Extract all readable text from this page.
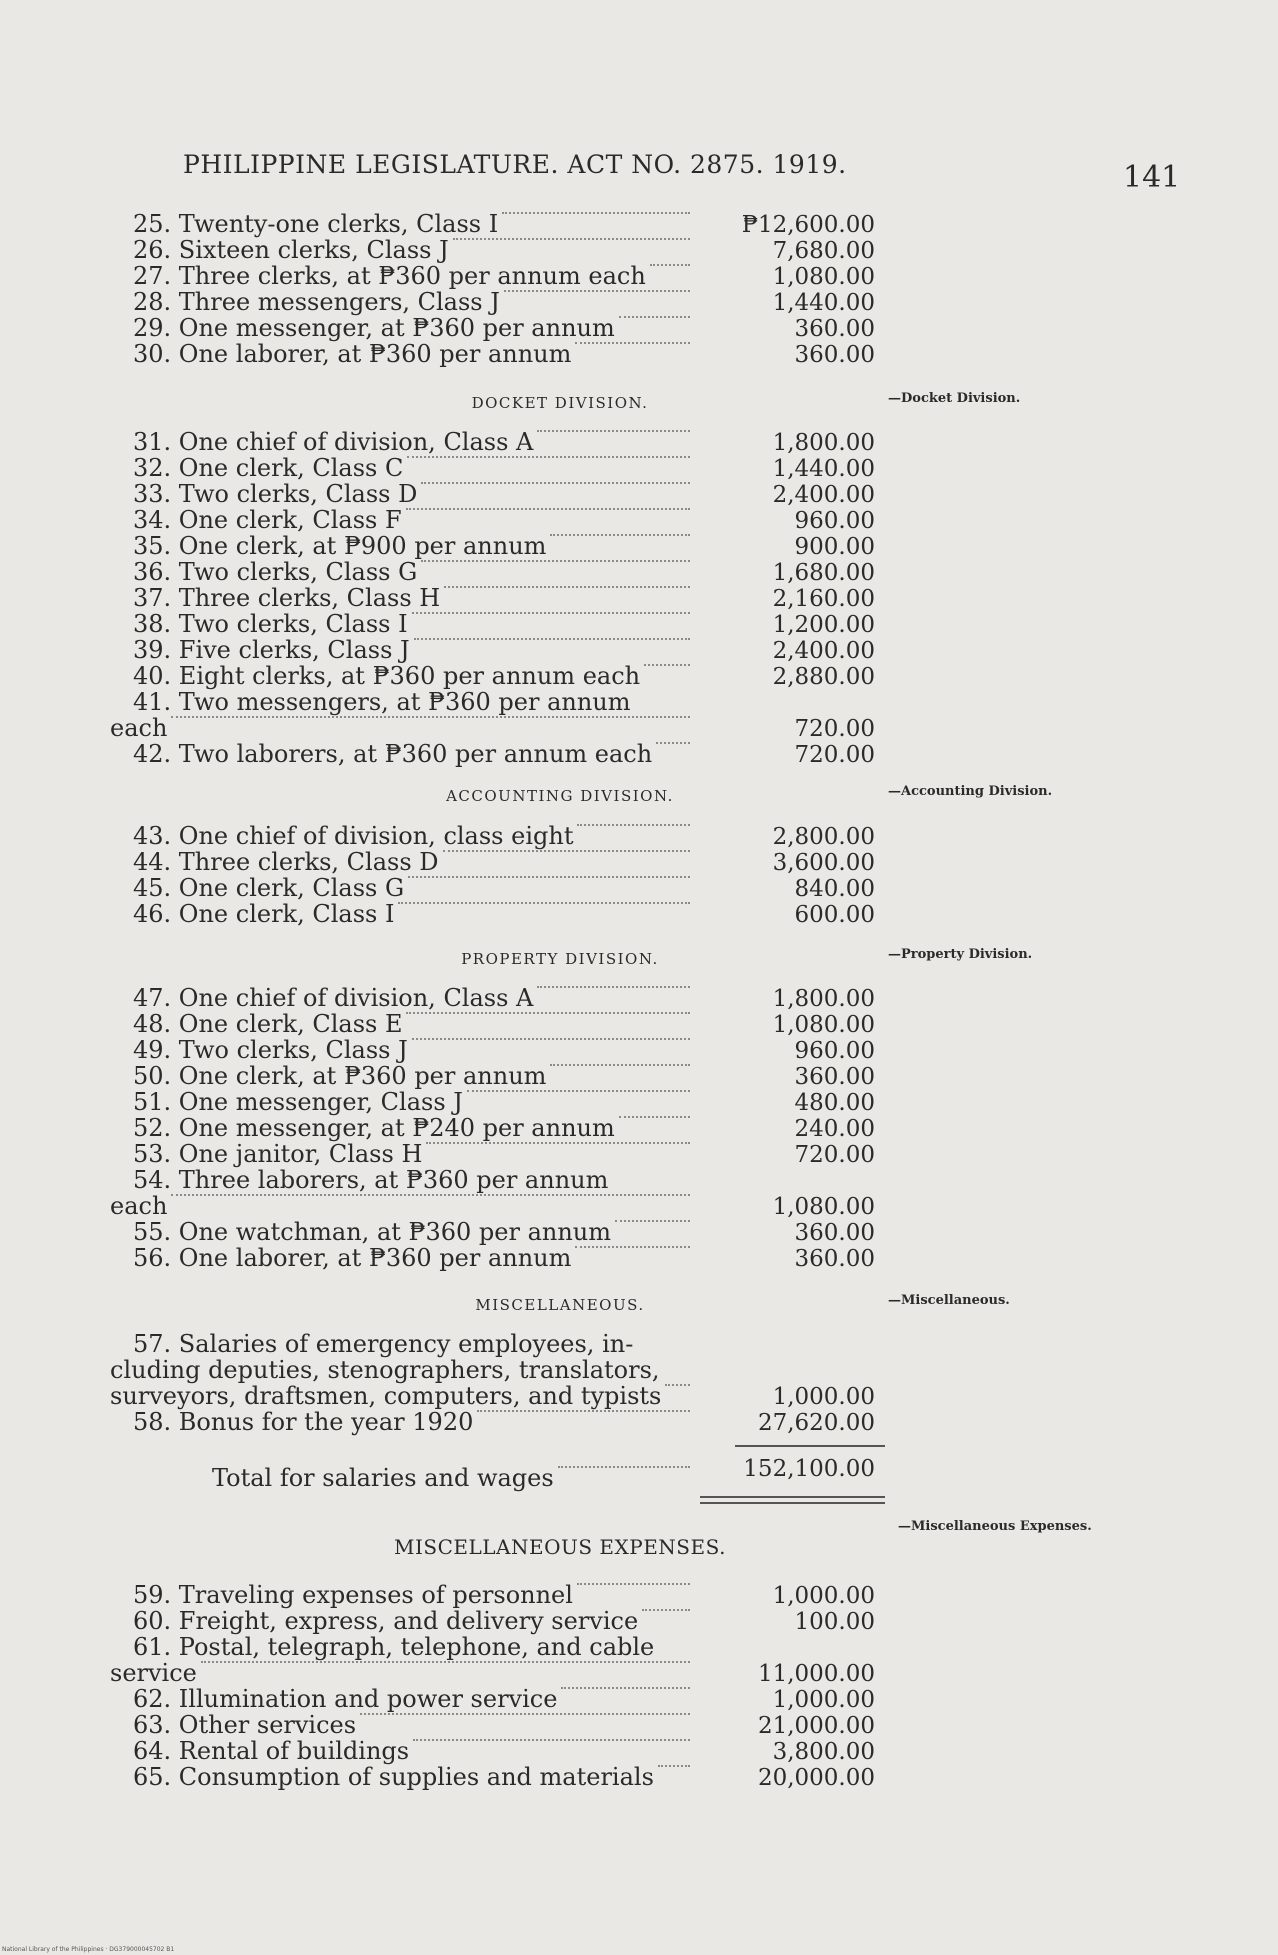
PHILIPPINE LEGISLATURE. ACT NO. 2875. 1919.	141
25. Twenty-one clerks, Class I	₱12,600.00
26. Sixteen clerks, Class J	7,680.00
27. Three clerks, at ₱360 per annum each	1,080.00
28. Three messengers, Class J	1,440.00
29. One messenger, at ₱360 per annum	360.00
30. One laborer, at ₱360 per annum	360.00
DOCKET DIVISION.	—Docket Division.
31. One chief of division, Class A	1,800.00
32. One clerk, Class C	1,440.00
33. Two clerks, Class D	2,400.00
34. One clerk, Class F	960.00
35. One clerk, at ₱900 per annum	900.00
36. Two clerks, Class G	1,680.00
37. Three clerks, Class H	2,160.00
38. Two clerks, Class I	1,200.00
39. Five clerks, Class J	2,400.00
40. Eight clerks, at ₱360 per annum each	2,880.00
41. Two messengers, at ₱360 per annum
each	720.00
42. Two laborers, at ₱360 per annum each	720.00
ACCOUNTING DIVISION.	—Accounting Division.
43. One chief of division, class eight	2,800.00
44. Three clerks, Class D	3,600.00
45. One clerk, Class G	840.00
46. One clerk, Class I	600.00
PROPERTY DIVISION.	—Property Division.
47. One chief of division, Class A	1,800.00
48. One clerk, Class E	1,080.00
49. Two clerks, Class J	960.00
50. One clerk, at ₱360 per annum	360.00
51. One messenger, Class J	480.00
52. One messenger, at ₱240 per annum	240.00
53. One janitor, Class H	720.00
54. Three laborers, at ₱360 per annum
each	1,080.00
55. One watchman, at ₱360 per annum	360.00
56. One laborer, at ₱360 per annum	360.00
MISCELLANEOUS.	—Miscellaneous.
57. Salaries of emergency employees, in-
cluding deputies, stenographers, translators,
surveyors, draftsmen, computers, and typists	1,000.00
58. Bonus for the year 1920	27,620.00
Total for salaries and wages	152,100.00
MISCELLANEOUS EXPENSES.
—Miscellaneous Expenses.
59. Traveling expenses of personnel	1,000.00
60. Freight, express, and delivery service	100.00
61. Postal, telegraph, telephone, and cable
service	11,000.00
62. Illumination and power service	1,000.00
63. Other services	21,000.00
64. Rental of buildings	3,800.00
65. Consumption of supplies and materials	20,000.00
National Library of the Philippines · DG379000045702 B1
